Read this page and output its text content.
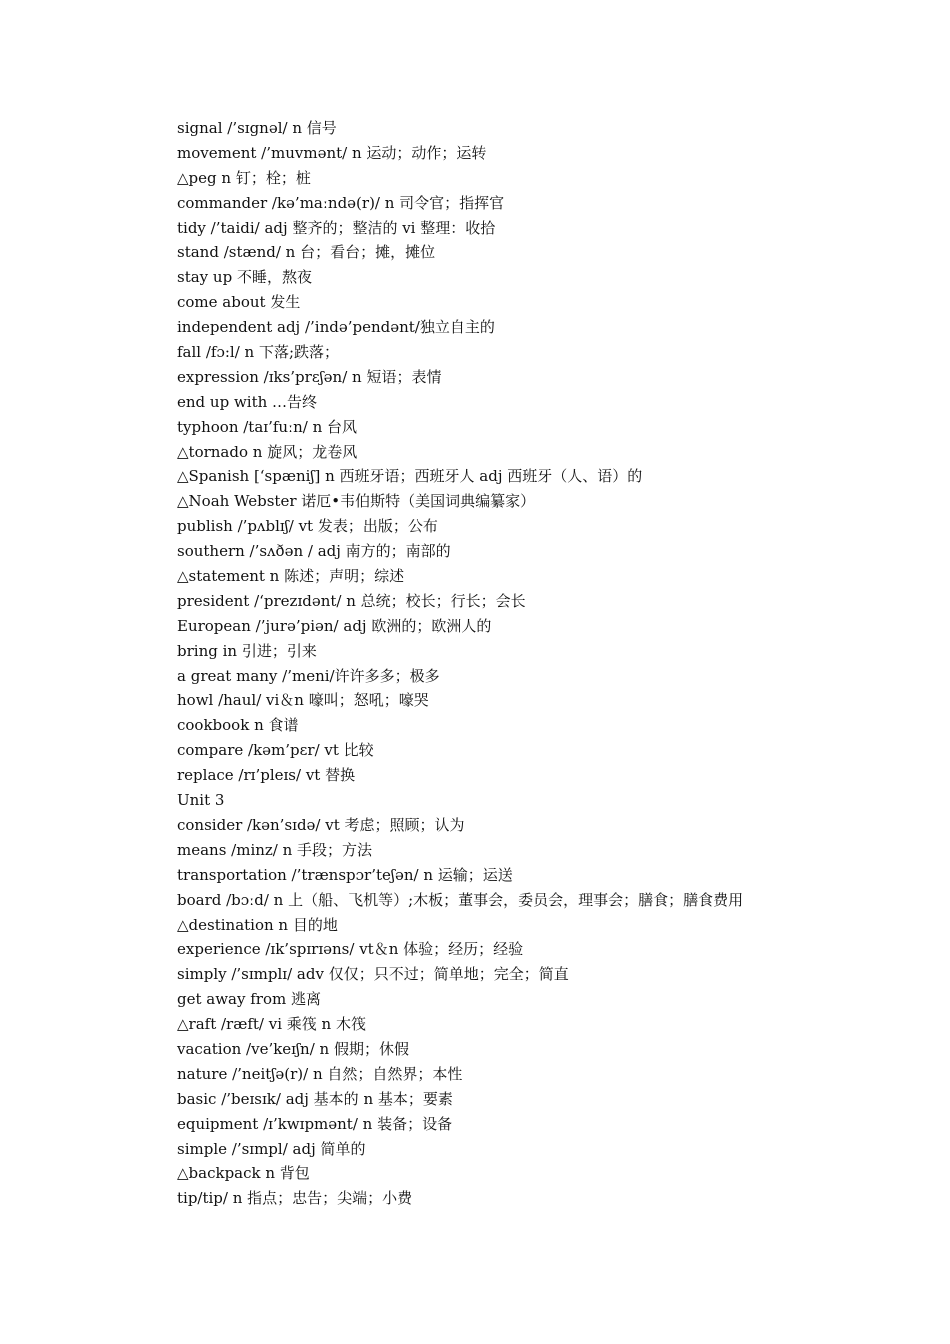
signal /’sɪgnəl/ n 信号
movement /’muvmənt/ n 运动；动作；运转
△peg n 钉；栓；桩
commander /kə’maːndə(r)/ n 司令官；指挥官
tidy /’taidi/ adj 整齐的；整洁的 vi 整理：收拾
stand /stænd/ n 台；看台；摊，摊位
stay up 不睡，熬夜
come about 发生
independent adj /’ində’pendənt/独立自主的
fall /fɔ:l/ n 下落;跌落；
expression /ɪks’prɛʃən/ n 短语；表情
end up with …告终
typhoon /taɪ’fuːn/ n 台风
△tornado n 旋风；龙卷风
△Spanish [‘spæniʃ] n 西班牙语；西班牙人 adj 西班牙（人、语）的
△Noah Webster 诺厄•韦伯斯特（美国词典编纂家）
publish /’pʌblɪʃ/ vt 发表；出版；公布
southern /’sʌðən / adj 南方的；南部的
△statement n 陈述；声明；综述
president /‘prezɪdənt/ n 总统；校长；行长；会长
European /’jurə’piən/ adj 欧洲的；欧洲人的
bring in 引进；引来
a great many /’meni/许许多多；极多
howl /haul/ vi＆n 嚎叫；怒吼；嚎哭
cookbook n 食谱
compare /kəm’pɛr/ vt 比较
replace /rɪ’pleɪs/ vt 替换
Unit 3
consider /kən’sɪdə/ vt 考虑；照顾；认为
means /minz/ n 手段；方法
transportation /’trænspɔr’teʃən/ n 运输；运送
board /bɔːd/ n 上（船、飞机等）;木板；董事会，委员会，理事会；膳食；膳食费用
△destination n 目的地
experience /ɪk’spɪrɪəns/ vt＆n 体验；经历；经验
simply /’sɪmplɪ/ adv 仅仅；只不过；简单地；完全；简直
get away from 逃离
△raft /ræft/ vi 乘筏 n 木筏
vacation /ve’keɪʃn/ n 假期；休假
nature /’neitʃə(r)/ n 自然；自然界；本性
basic /’beɪsɪk/ adj 基本的 n 基本；要素
equipment /ɪ’kwɪpmənt/ n 装备；设备
simple /’sɪmpl/ adj 简单的
△backpack n 背包
tip/tip/ n 指点；忠告；尖端；小费
